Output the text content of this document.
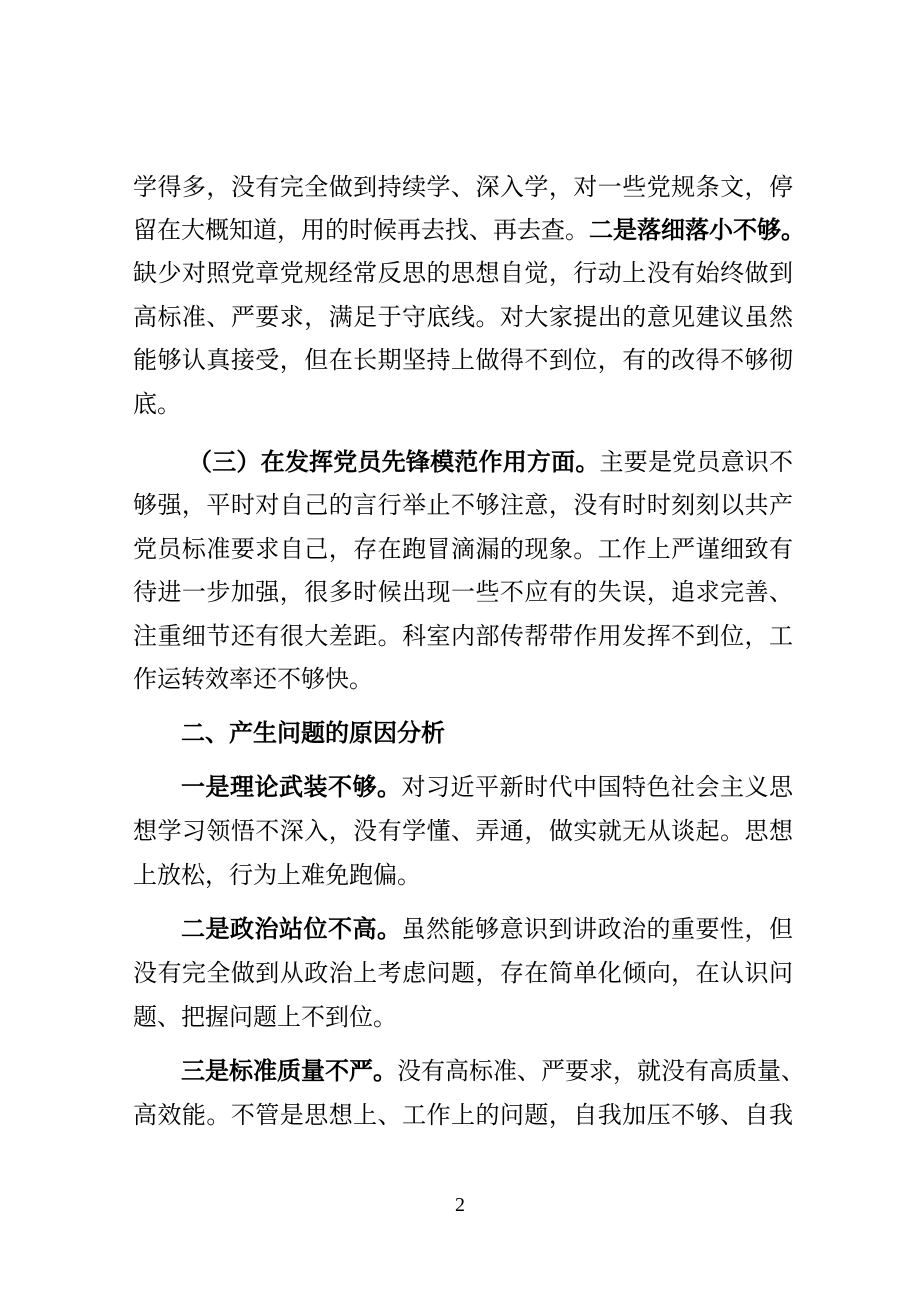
学得多，没有完全做到持续学、深入学，对一些党规条文，停
留在大概知道，用的时候再去找、再去查。二是落细落小不够。
缺少对照党章党规经常反思的思想自觉，行动上没有始终做到
高标准、严要求，满足于守底线。对大家提出的意见建议虽然
能够认真接受，但在长期坚持上做得不到位，有的改得不够彻
底。
（三）在发挥党员先锋模范作用方面。主要是党员意识不
够强，平时对自己的言行举止不够注意，没有时时刻刻以共产
党员标准要求自己，存在跑冒滴漏的现象。工作上严谨细致有
待进一步加强，很多时候出现一些不应有的失误，追求完善、
注重细节还有很大差距。科室内部传帮带作用发挥不到位，工
作运转效率还不够快。
二、产生问题的原因分析
一是理论武装不够。对习近平新时代中国特色社会主义思
想学习领悟不深入，没有学懂、弄通，做实就无从谈起。思想
上放松，行为上难免跑偏。
二是政治站位不高。虽然能够意识到讲政治的重要性，但
没有完全做到从政治上考虑问题，存在简单化倾向，在认识问
题、把握问题上不到位。
三是标准质量不严。没有高标准、严要求，就没有高质量、
高效能。不管是思想上、工作上的问题，自我加压不够、自我
2
